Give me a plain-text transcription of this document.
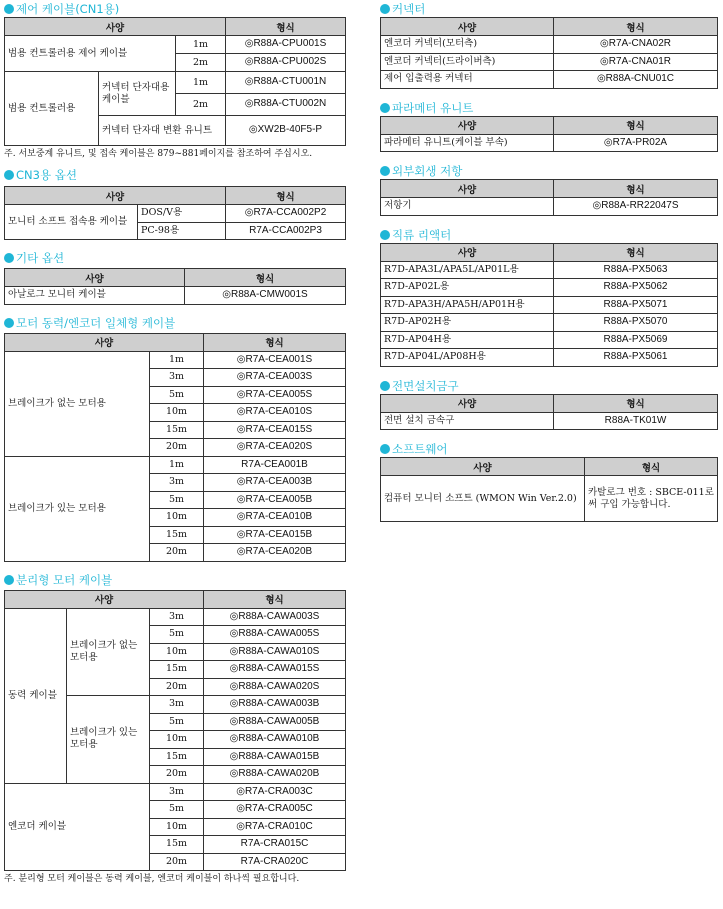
제어 케이블(CN1용)
사양			형식
범용 컨트롤러용 제어 케이블		1m	◎R88A-CPU001S
		2m	◎R88A-CPU002S
범용 컨트롤러용	커넥터 단자대용 케이블	1m	◎R88A-CTU001N
		2m	◎R88A-CTU002N
	커넥터 단자대 변환 유니트		◎XW2B-40F5-P
주. 서보중계 유니트, 및 접속 케이블은 879~881페이지를 참조하여 주십시오.
CN3용 옵션
사양		형식
모니터 소프트 접속용 케이블	DOS/V용	◎R7A-CCA002P2
	PC-98용	R7A-CCA002P3
기타 옵션
사양	형식
아날로그 모니터 케이블	◎R88A-CMW001S
모터 동력/엔코더 일체형 케이블
사양		형식
브레이크가 없는 모터용	1m	◎R7A-CEA001S
	3m	◎R7A-CEA003S
	5m	◎R7A-CEA005S
	10m	◎R7A-CEA010S
	15m	◎R7A-CEA015S
	20m	◎R7A-CEA020S
브레이크가 있는 모터용	1m	R7A-CEA001B
	3m	◎R7A-CEA003B
	5m	◎R7A-CEA005B
	10m	◎R7A-CEA010B
	15m	◎R7A-CEA015B
	20m	◎R7A-CEA020B
분리형 모터 케이블
사양			형식
동력 케이블	브레이크가 없는 모터용	3m	◎R88A-CAWA003S
		5m	◎R88A-CAWA005S
		10m	◎R88A-CAWA010S
		15m	◎R88A-CAWA015S
		20m	◎R88A-CAWA020S
	브레이크가 있는 모터용	3m	◎R88A-CAWA003B
		5m	◎R88A-CAWA005B
		10m	◎R88A-CAWA010B
		15m	◎R88A-CAWA015B
		20m	◎R88A-CAWA020B
엔코더 케이블		3m	◎R7A-CRA003C
		5m	◎R7A-CRA005C
		10m	◎R7A-CRA010C
		15m	R7A-CRA015C
		20m	R7A-CRA020C
주. 분리형 모터 케이블은 동력 케이블, 엔코더 케이블이 하나씩 필요합니다.
커넥터
사양	형식
엔코더 커넥터(모터측)	◎R7A-CNA02R
엔코더 커넥터(드라이버측)	◎R7A-CNA01R
제어 입출력용 커넥터	◎R88A-CNU01C
파라메터 유니트
사양	형식
파라메터 유니트(케이블 부속)	◎R7A-PR02A
외부회생 저항
사양	형식
저항기	◎R88A-RR22047S
직류 리액터
사양	형식
R7D-APA3L/APA5L/AP01L용	R88A-PX5063
R7D-AP02L용	R88A-PX5062
R7D-APA3H/APA5H/AP01H용	R88A-PX5071
R7D-AP02H용	R88A-PX5070
R7D-AP04H용	R88A-PX5069
R7D-AP04L/AP08H용	R88A-PX5061
전면설치금구
사양	형식
전면 설치 금속구	R88A-TK01W
소프트웨어
사양	형식
컴퓨터 모니터 소프트 (WMON Win Ver.2.0)	카탈로그 번호 : SBCE-011로써 구입 가능합니다.
